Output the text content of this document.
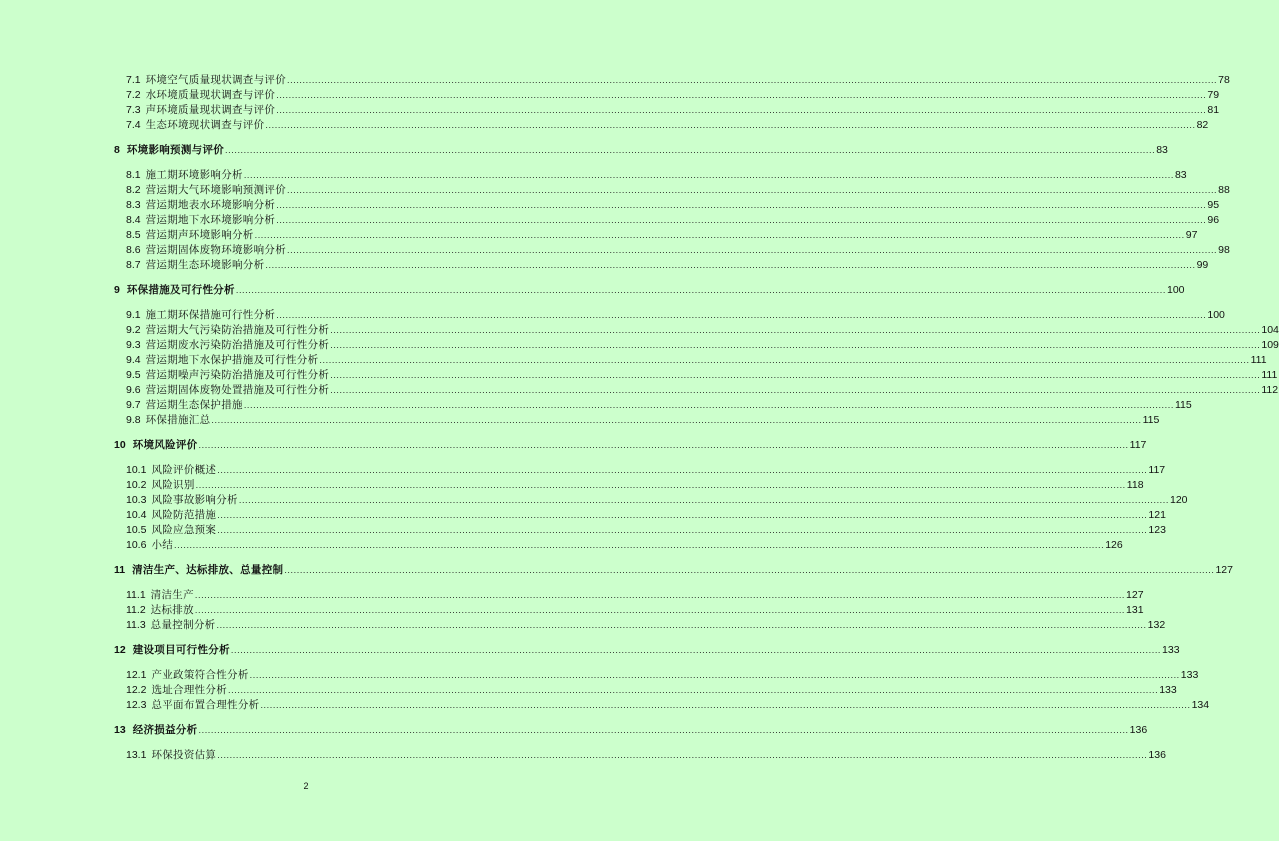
7.1 环境空气质量现状调查与评价 ............................................................................................................................................................................................................................................................................................................ 78
7.2 水环境质量现状调查与评价 ............................................................................................................................................................................................................................................................................................................ 79
7.3 声环境质量现状调查与评价 ............................................................................................................................................................................................................................................................................................................ 81
7.4 生态环境现状调查与评价 ............................................................................................................................................................................................................................................................................................................ 82
8 环境影响预测与评价 ............................................................................................................................................................................................................................................................................................................ 83
8.1 施工期环境影响分析 ............................................................................................................................................................................................................................................................................................................ 83
8.2 营运期大气环境影响预测评价 ............................................................................................................................................................................................................................................................................................................ 88
8.3 营运期地表水环境影响分析 ............................................................................................................................................................................................................................................................................................................ 95
8.4 营运期地下水环境影响分析 ............................................................................................................................................................................................................................................................................................................ 96
8.5 营运期声环境影响分析 ............................................................................................................................................................................................................................................................................................................ 97
8.6 营运期固体废物环境影响分析 ............................................................................................................................................................................................................................................................................................................ 98
8.7 营运期生态环境影响分析 ............................................................................................................................................................................................................................................................................................................ 99
9 环保措施及可行性分析 ............................................................................................................................................................................................................................................................................................................ 100
9.1 施工期环保措施可行性分析 ............................................................................................................................................................................................................................................................................................................ 100
9.2 营运期大气污染防治措施及可行性分析 ............................................................................................................................................................................................................................................................................................................ 104
9.3 营运期废水污染防治措施及可行性分析 ............................................................................................................................................................................................................................................................................................................ 109
9.4 营运期地下水保护措施及可行性分析 ............................................................................................................................................................................................................................................................................................................ 111
9.5 营运期噪声污染防治措施及可行性分析 ............................................................................................................................................................................................................................................................................................................ 111
9.6 营运期固体废物处置措施及可行性分析 ............................................................................................................................................................................................................................................................................................................ 112
9.7 营运期生态保护措施 ............................................................................................................................................................................................................................................................................................................ 115
9.8 环保措施汇总 ............................................................................................................................................................................................................................................................................................................ 115
10 环境风险评价 ............................................................................................................................................................................................................................................................................................................ 117
10.1 风险评价概述 ............................................................................................................................................................................................................................................................................................................ 117
10.2 风险识别 ............................................................................................................................................................................................................................................................................................................ 118
10.3 风险事故影响分析 ............................................................................................................................................................................................................................................................................................................ 120
10.4 风险防范措施 ............................................................................................................................................................................................................................................................................................................ 121
10.5 风险应急预案 ............................................................................................................................................................................................................................................................................................................ 123
10.6 小结 ............................................................................................................................................................................................................................................................................................................ 126
11 清洁生产、达标排放、总量控制 ............................................................................................................................................................................................................................................................................................................ 127
11.1 清洁生产 ............................................................................................................................................................................................................................................................................................................ 127
11.2 达标排放 ............................................................................................................................................................................................................................................................................................................ 131
11.3 总量控制分析 ............................................................................................................................................................................................................................................................................................................ 132
12 建设项目可行性分析 ............................................................................................................................................................................................................................................................................................................ 133
12.1 产业政策符合性分析 ............................................................................................................................................................................................................................................................................................................ 133
12.2 选址合理性分析 ............................................................................................................................................................................................................................................................................................................ 133
12.3 总平面布置合理性分析 ............................................................................................................................................................................................................................................................................................................ 134
13 经济损益分析 ............................................................................................................................................................................................................................................................................................................ 136
13.1 环保投资估算 ............................................................................................................................................................................................................................................................................................................ 136
2
